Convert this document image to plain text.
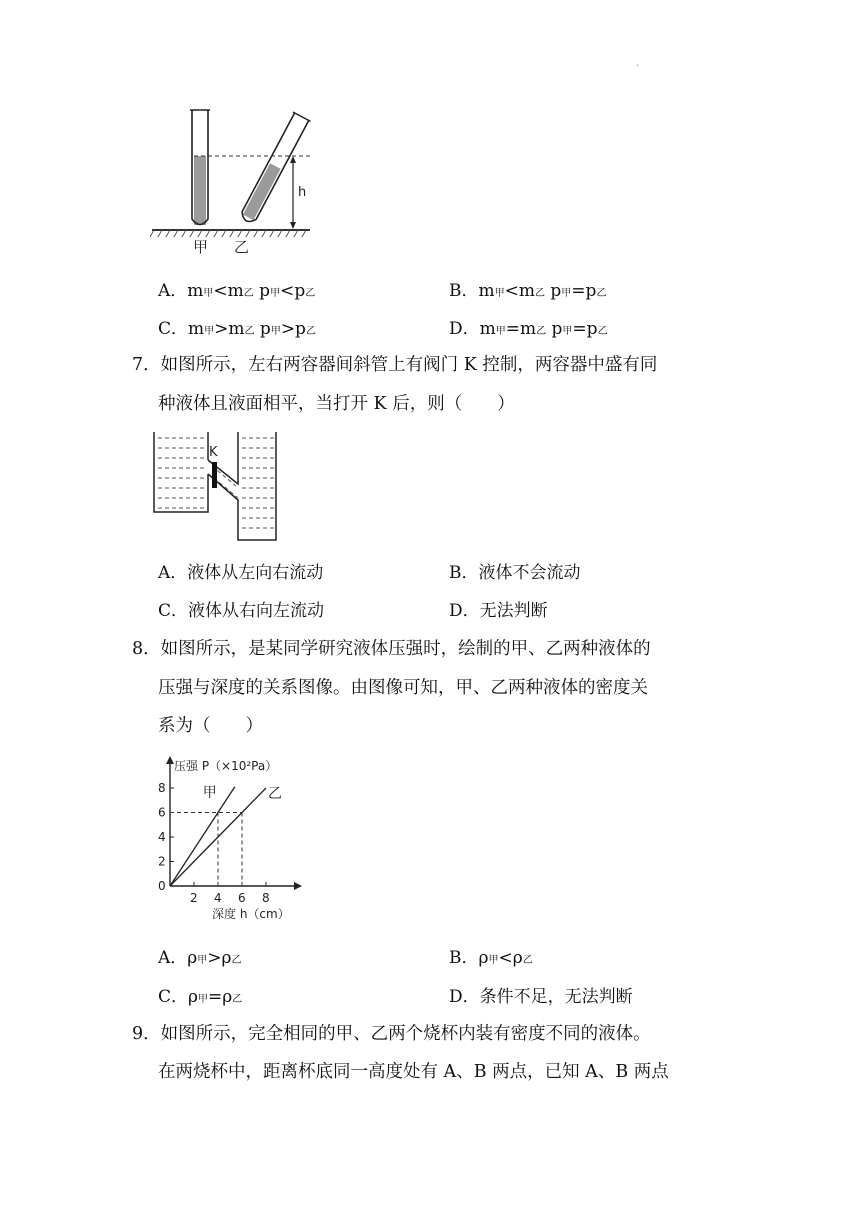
.
h
甲 乙
A．m甲<m乙 p甲<p乙	B．m甲<m乙 p甲=p乙
C．m甲>m乙 p甲>p乙	D．m甲=m乙 p甲=p乙
7．如图所示，左右两容器间斜管上有阀门 K 控制，两容器中盛有同
种液体且液面相平，当打开 K 后，则（　　）
K
A．液体从左向右流动	B．液体不会流动
C．液体从右向左流动	D．无法判断
8．如图所示，是某同学研究液体压强时，绘制的甲、乙两种液体的
压强与深度的关系图像。由图像可知，甲、乙两种液体的密度关
系为（　　）
压强 P（×10²Pa）
深度 h（cm）
0
2
4
6
8
2 4 6 8
甲	乙
A．ρ甲>ρ乙	B．ρ甲<ρ乙
C．ρ甲=ρ乙	D．条件不足，无法判断
9．如图所示，完全相同的甲、乙两个烧杯内装有密度不同的液体。
在两烧杯中，距离杯底同一高度处有 A、B 两点，已知 A、B 两点
